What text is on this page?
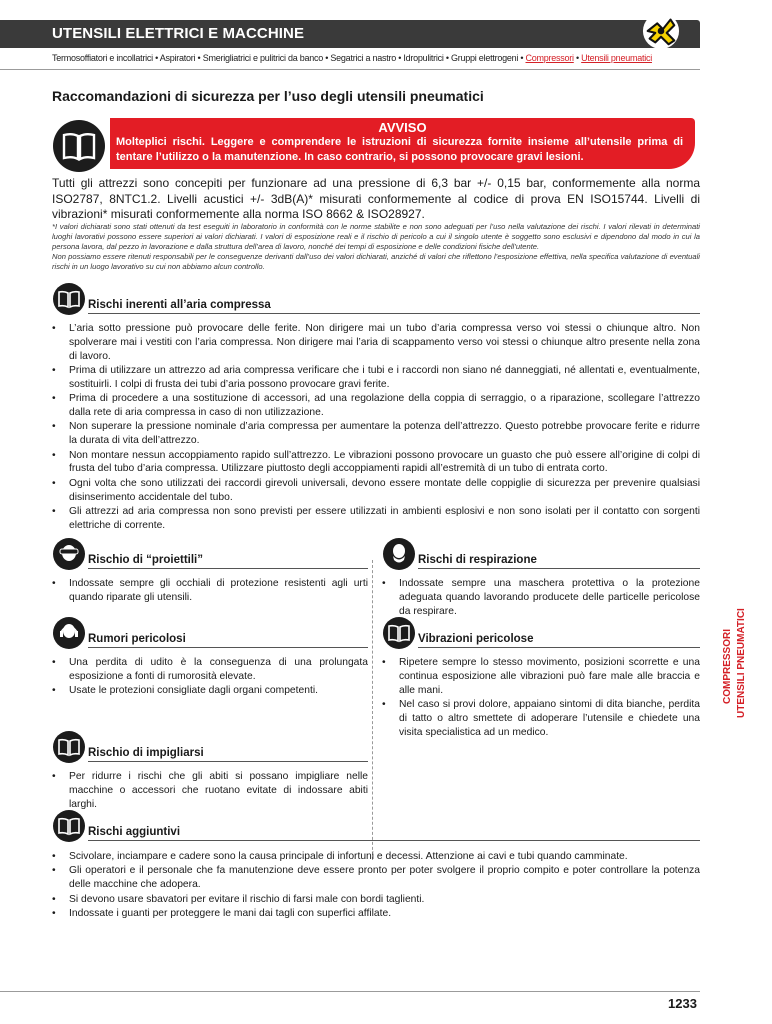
UTENSILI ELETTRICI E MACCHINE
Termosoffiatori e incollatrici • Aspiratori • Smerigliatrici e pulitrici da banco • Segatrici a nastro • Idropulitrici • Gruppi elettrogeni • Compressori • Utensili pneumatici
Raccomandazioni di sicurezza per l’uso degli utensili pneumatici
AVVISO
Molteplici rischi. Leggere e comprendere le istruzioni di sicurezza fornite insieme all’utensile prima di tentare l’utilizzo o la manutenzione. In caso contrario, si possono provocare gravi lesioni.
Tutti gli attrezzi sono concepiti per funzionare ad una pressione di 6,3 bar +/- 0,15 bar, conformemente alla norma ISO2787, 8NTC1.2. Livelli acustici +/- 3dB(A)* misurati conformemente al codice di prova EN ISO15744. Livelli di vibrazioni* misurati conformemente alla norma ISO 8662 & ISO28927.

*I valori dichiarati sono stati ottenuti da test eseguiti in laboratorio in conformità con le norme stabilite e non sono adeguati per l’uso nella valutazione dei rischi. I valori rilevati in determinati luoghi lavorativi possono essere superiori ai valori dichiarati. I valori di esposizione reali e il rischio di pericolo a cui il singolo utente è soggetto sono esclusivi e dipendono dal modo in cui la persona lavora, dal pezzo in lavorazione e dalla struttura dell’area di lavoro, nonché dei tempi di esposizione e delle condizioni fisiche dell’utente.

Non possiamo essere ritenuti responsabili per le conseguenze derivanti dall’uso dei valori dichiarati, anziché di valori che riflettono l’esposizione effettiva, nella specifica valutazione di eventuali rischi in un luogo lavorativo su cui non abbiamo alcun controllo.

Rischi inerenti all’aria compressa
• L’aria sotto pressione può provocare delle ferite. Non dirigere mai un tubo d’aria compressa verso voi stessi o chiunque altro. Non spolverare mai i vestiti con l’aria compressa. Non dirigere mai l’aria di scappamento verso voi stessi o chiunque altro presente nella zona di lavoro.
• Prima di utilizzare un attrezzo ad aria compressa verificare che i tubi e i raccordi non siano né danneggiati, né allentati e, eventualmente, sostituirli. I colpi di frusta dei tubi d’aria possono provocare gravi ferite.
• Prima di procedere a una sostituzione di accessori, ad una regolazione della coppia di serraggio, o a riparazione, scollegare l’attrezzo dalla rete di aria compressa in caso di non utilizzazione.
• Non superare la pressione nominale d’aria compressa per aumentare la potenza dell’attrezzo. Questo potrebbe provocare ferite e ridurre la durata di vita dell’attrezzo.
• Non montare nessun accoppiamento rapido sull’attrezzo. Le vibrazioni possono provocare un guasto che può essere all’origine di colpi di frusta del tubo d’aria compressa. Utilizzare piuttosto degli accoppiamenti rapidi all’estremità di un tubo di entrata corto.
• Ogni volta che sono utilizzati dei raccordi girevoli universali, devono essere montate delle coppiglie di sicurezza per prevenire qualsiasi disinserimento accidentale del tubo.
• Gli attrezzi ad aria compressa non sono previsti per essere utilizzati in ambienti esplosivi e non sono isolati per il contatto con sorgenti elettriche di corrente.
Rischio di “proiettili”
• Indossate sempre gli occhiali di protezione resistenti agli urti quando riparate gli utensili.
Rischi di respirazione
• Indossate sempre una maschera protettiva o la protezione adeguata quando lavorando producete delle particelle pericolose da respirare.
Rumori pericolosi
• Una perdita di udito è la conseguenza di una prolungata esposizione a fonti di rumorosità elevate.
• Usate le protezioni consigliate dagli organi competenti.
Vibrazioni pericolose
• Ripetere sempre lo stesso movimento, posizioni scorrette e una continua esposizione alle vibrazioni può fare male alle braccia e alle mani.
• Nel caso si provi dolore, appaiano sintomi di dita bianche, perdita di tatto o altro smettete di adoperare l’utensile e chiedete una visita specialistica ad un medico.
Rischio di impigliarsi
• Per ridurre i rischi che gli abiti si possano impigliare nelle macchine o accessori che ruotano evitate di indossare abiti larghi.
Rischi aggiuntivi
• Scivolare, inciampare e cadere sono la causa principale di infortuni e decessi. Attenzione ai cavi e tubi quando camminate.
• Gli operatori e il personale che fa manutenzione deve essere pronto per poter svolgere il proprio compito e poter controllare la potenza delle macchine che adopera.
• Si devono usare sbavatori per evitare il rischio di farsi male con bordi taglienti.
• Indossate i guanti per proteggere le mani dai tagli con superfici affilate.
COMPRESSORI UTENSILI PNEUMATICI
1233
